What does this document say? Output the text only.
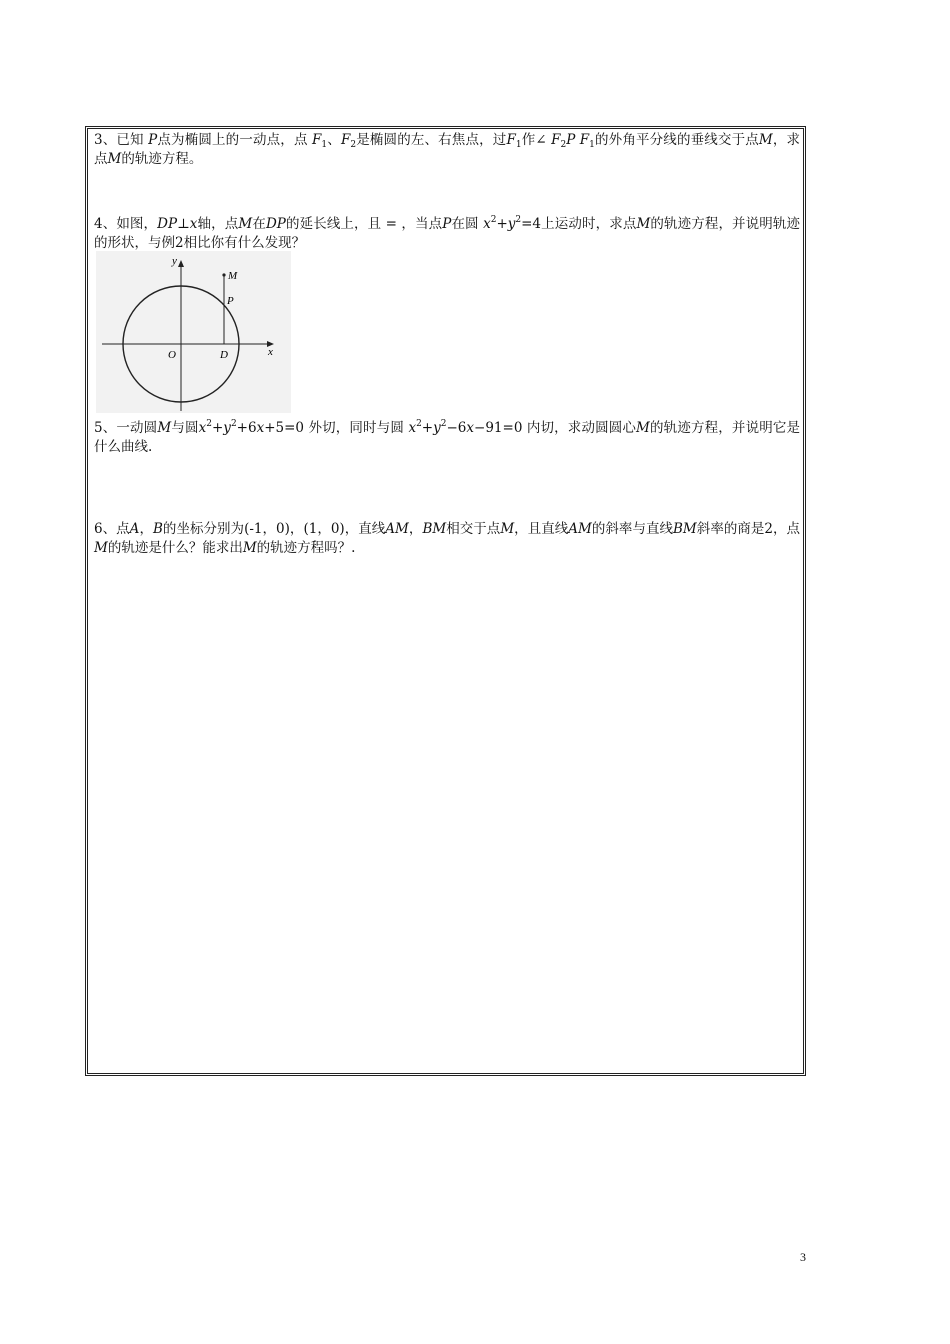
3、已知 P点为椭圆上的一动点，点 $F_1$、$F_2$是椭圆的左、右焦点，过$F_1$作∠ $F_2P$ $F_1$的外角平分线的垂线交于点M，求点M的轨迹方程。
4、如图，DP⊥x轴，点M在DP的延长线上，且 = ，当点P在圆 $x^2+y^2=4$上运动时，求点M的轨迹方程，并说明轨迹的形状，与例2相比你有什么发现？
y
x
O	D
P
M
5、一动圆M与圆$x^2+y^2+6x+5=0$ 外切，同时与圆 $x^2+y^2-6x-91=0$ 内切，求动圆圆心M的轨迹方程，并说明它是什么曲线.
6、点A，B的坐标分别为(-1，0)，(1，0)，直线AM，BM相交于点M，且直线AM的斜率与直线BM斜率的商是2，点M的轨迹是什么？能求出M的轨迹方程吗？.
3
